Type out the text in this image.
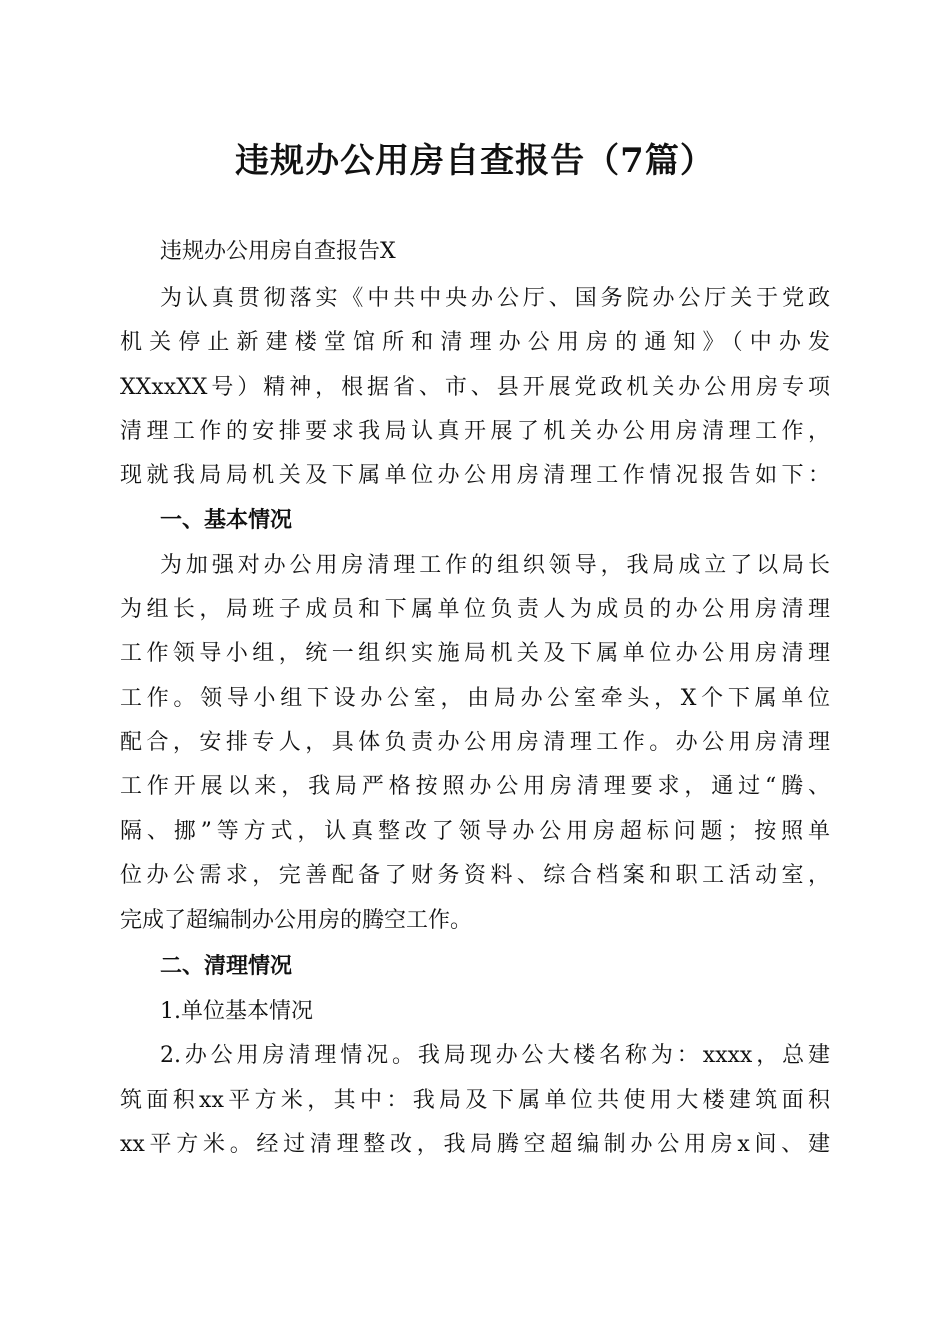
违规办公用房自查报告（7篇）
违规办公用房自查报告X
为认真贯彻落实《中共中央办公厅、国务院办公厅关于党政
机关停止新建楼堂馆所和清理办公用房的通知》（中办发
XXxxXX号）精神，根据省、市、县开展党政机关办公用房专项
清理工作的安排要求我局认真开展了机关办公用房清理工作，
现就我局局机关及下属单位办公用房清理工作情况报告如下：
一、基本情况
为加强对办公用房清理工作的组织领导，我局成立了以局长
为组长，局班子成员和下属单位负责人为成员的办公用房清理
工作领导小组，统一组织实施局机关及下属单位办公用房清理
工作。领导小组下设办公室，由局办公室牵头，X个下属单位
配合，安排专人，具体负责办公用房清理工作。办公用房清理
工作开展以来，我局严格按照办公用房清理要求，通过“腾、
隔、挪”等方式，认真整改了领导办公用房超标问题；按照单
位办公需求，完善配备了财务资料、综合档案和职工活动室，
完成了超编制办公用房的腾空工作。
二、清理情况
1.单位基本情况
2.办公用房清理情况。我局现办公大楼名称为：xxxx，总建
筑面积xx平方米，其中：我局及下属单位共使用大楼建筑面积
xx平方米。经过清理整改，我局腾空超编制办公用房x间、建
